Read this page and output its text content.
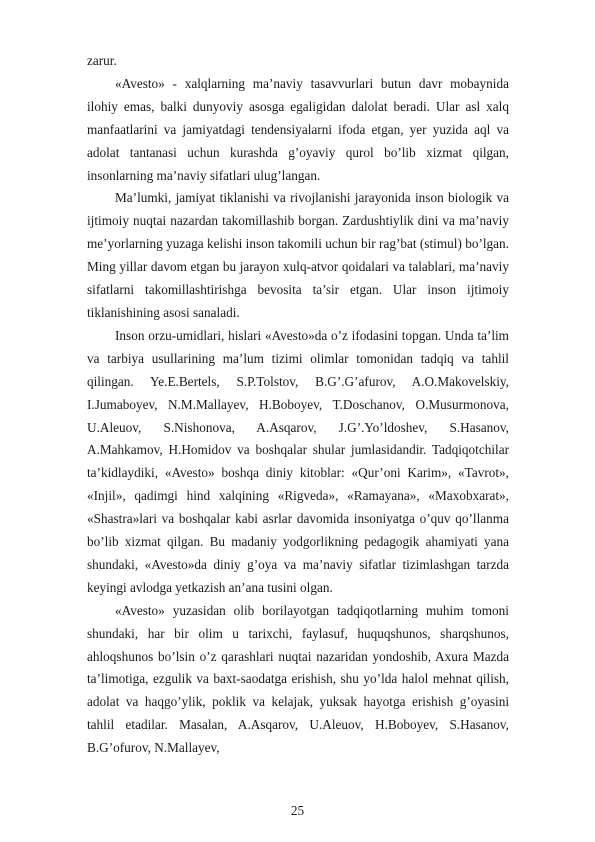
zarur.

«Avesto» - xalqlarning ma’naviy tasavvurlari butun davr mobaynida ilohiy emas, balki dunyoviy asosga egaligidan dalolat beradi. Ular asl xalq manfaatlarini va jamiyatdagi tendensiyalarni ifoda etgan, yer yuzida aql va adolat tantanasi uchun kurashda g’oyaviy qurol bo’lib xizmat qilgan, insonlarning ma’naviy sifatlari ulug’langan.

Ma’lumki, jamiyat tiklanishi va rivojlanishi jarayonida inson biologik va ijtimoiy nuqtai nazardan takomillashib borgan. Zardushtiylik dini va ma’naviy me’yorlarning yuzaga kelishi inson takomili uchun bir rag’bat (stimul) bo’lgan. Ming yillar davom etgan bu jarayon xulq-atvor qoidalari va talablari, ma’naviy sifatlarni takomillashtirishga bevosita ta’sir etgan. Ular inson ijtimoiy tiklanishining asosi sanaladi.

Inson orzu-umidlari, hislari «Avesto»da o’z ifodasini topgan. Unda ta’lim va tarbiya usullarining ma’lum tizimi olimlar tomonidan tadqiq va tahlil qilingan. Ye.E.Bertels, S.P.Tolstov, B.G’.G’afurov, A.O.Makovelskiy, I.Jumaboyev, N.M.Mallayev, H.Boboyev, T.Doschanov, O.Musurmonova, U.Aleuov, S.Nishonova, A.Asqarov, J.G’.Yo’ldoshev, S.Hasanov, A.Mahkamov, H.Homidov va boshqalar shular jumlasidandir. Tadqiqotchilar ta’kidlaydiki, «Avesto» boshqa diniy kitoblar: «Qur’oni Karim», «Tavrot», «Injil», qadimgi hind xalqining «Rigveda», «Ramayana», «Maxobxarat», «Shastra»lari va boshqalar kabi asrlar davomida insoniyatga o’quv qo’llanma bo’lib xizmat qilgan. Bu madaniy yodgorlikning pedagogik ahamiyati yana shundaki, «Avesto»da diniy g’oya va ma’naviy sifatlar tizimlashgan tarzda keyingi avlodga yetkazish an’ana tusini olgan.

«Avesto» yuzasidan olib borilayotgan tadqiqotlarning muhim tomoni shundaki, har bir olim u tarixchi, faylasuf, huquqshunos, sharqshunos, ahloqshunos bo’lsin o’z qarashlari nuqtai nazaridan yondoshib, Axura Mazda ta’limotiga, ezgulik va baxt-saodatga erishish, shu yo’lda halol mehnat qilish, adolat va haqgo’ylik, poklik va kelajak, yuksak hayotga erishish g’oyasini tahlil etadilar. Masalan, A.Asqarov, U.Aleuov, H.Boboyev, S.Hasanov, B.G’ofurov, N.Mallayev,

25
